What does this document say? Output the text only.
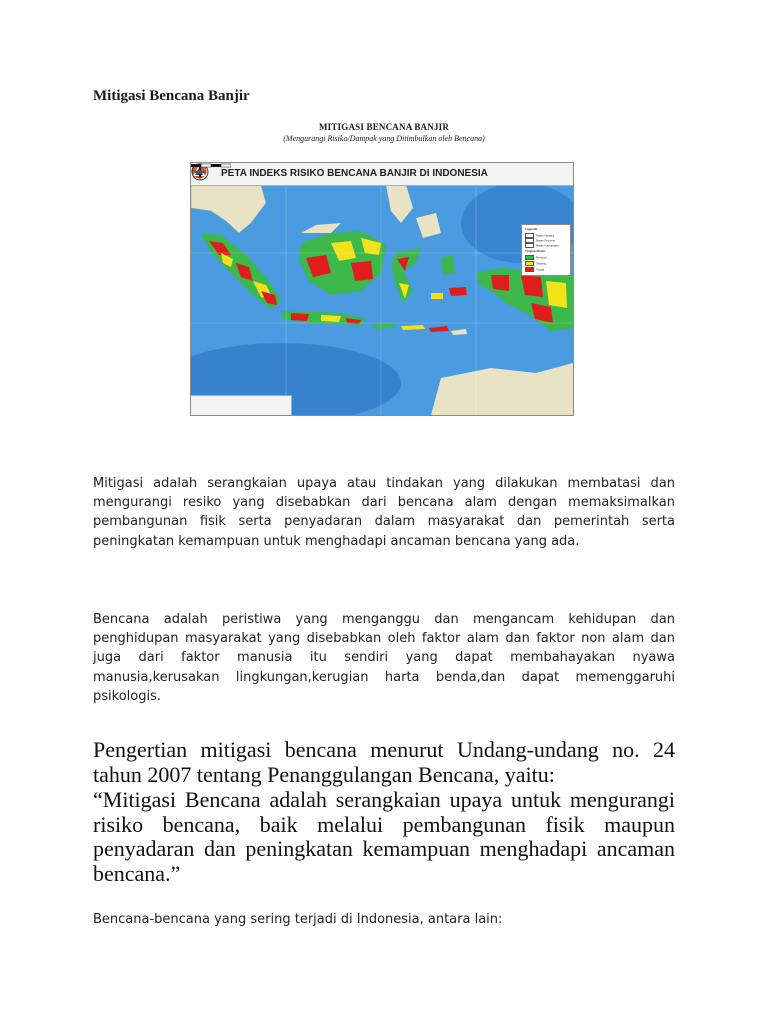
Mitigasi Bencana Banjir
MITIGASI BENCANA BANJIR
(Mengurangi Risiko/Dampak yang Ditimbulkan oleh Bencana)
PETA INDEKS RISIKO BENCANA BANJIR DI INDONESIA
Legenda
Batas Negara
Batas Provinsi
Batas Kabupaten
Tingkat Risiko
Rendah
Sedang
Tinggi
Mitigasi adalah serangkaian upaya atau tindakan yang dilakukan membatasi dan mengurangi resiko yang disebabkan dari bencana alam dengan memaksimalkan pembangunan fisik serta penyadaran dalam masyarakat dan pemerintah serta peningkatan kemampuan untuk menghadapi ancaman bencana yang ada.
Bencana adalah peristiwa yang menganggu dan mengancam kehidupan dan penghidupan masyarakat yang disebabkan oleh faktor alam dan faktor non alam dan juga dari faktor manusia itu sendiri yang dapat membahayakan nyawa manusia,kerusakan lingkungan,kerugian harta benda,dan dapat memenggaruhi psikologis.
Pengertian mitigasi bencana menurut Undang-undang no. 24 tahun 2007 tentang Penanggulangan Bencana, yaitu:
“Mitigasi Bencana adalah serangkaian upaya untuk mengurangi risiko bencana, baik melalui pembangunan fisik maupun penyadaran dan peningkatan kemampuan menghadapi ancaman bencana.”
Bencana-bencana yang sering terjadi di Indonesia, antara lain:
